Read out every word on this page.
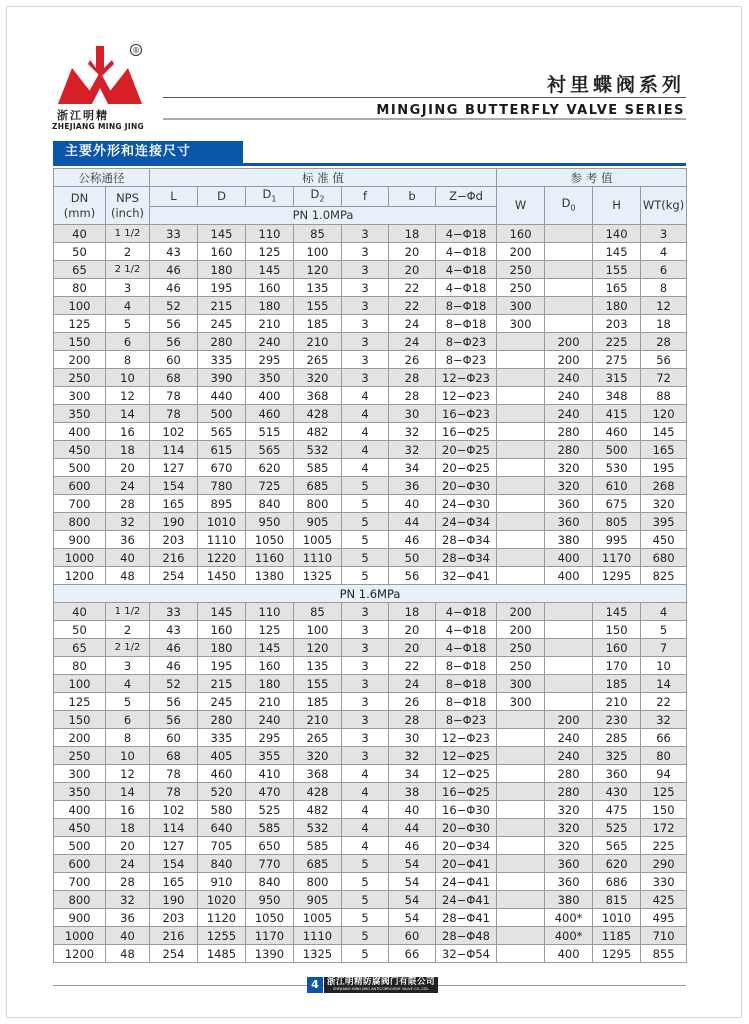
®
浙江明精
ZHEJIANG MING JING
衬里蝶阀系列
MINGJING BUTTERFLY VALVE SERIES
主要外形和连接尺寸
公称通径		标 准 值							参 考 值			
DN
(mm)	NPS
(inch)	L	D	$D_1$	$D_2$	f	b	Z−Φd	W	$D_0$	H	WT(kg)
		PN 1.0MPa										
40	1 1/2	33	145	110	85	3	18	4−Φ18	160		140	3
50	2	43	160	125	100	3	20	4−Φ18	200		145	4
65	2 1/2	46	180	145	120	3	20	4−Φ18	250		155	6
80	3	46	195	160	135	3	22	4−Φ18	250		165	8
100	4	52	215	180	155	3	22	8−Φ18	300		180	12
125	5	56	245	210	185	3	24	8−Φ18	300		203	18
150	6	56	280	240	210	3	24	8−Φ23		200	225	28
200	8	60	335	295	265	3	26	8−Φ23		200	275	56
250	10	68	390	350	320	3	28	12−Φ23		240	315	72
300	12	78	440	400	368	4	28	12−Φ23		240	348	88
350	14	78	500	460	428	4	30	16−Φ23		240	415	120
400	16	102	565	515	482	4	32	16−Φ25		280	460	145
450	18	114	615	565	532	4	32	20−Φ25		280	500	165
500	20	127	670	620	585	4	34	20−Φ25		320	530	195
600	24	154	780	725	685	5	36	20−Φ30		320	610	268
700	28	165	895	840	800	5	40	24−Φ30		360	675	320
800	32	190	1010	950	905	5	44	24−Φ34		360	805	395
900	36	203	1110	1050	1005	5	46	28−Φ34		380	995	450
1000	40	216	1220	1160	1110	5	50	28−Φ34		400	1170	680
1200	48	254	1450	1380	1325	5	56	32−Φ41		400	1295	825
PN 1.6MPa												
40	1 1/2	33	145	110	85	3	18	4−Φ18	200		145	4
50	2	43	160	125	100	3	20	4−Φ18	200		150	5
65	2 1/2	46	180	145	120	3	20	4−Φ18	250		160	7
80	3	46	195	160	135	3	22	8−Φ18	250		170	10
100	4	52	215	180	155	3	24	8−Φ18	300		185	14
125	5	56	245	210	185	3	26	8−Φ18	300		210	22
150	6	56	280	240	210	3	28	8−Φ23		200	230	32
200	8	60	335	295	265	3	30	12−Φ23		240	285	66
250	10	68	405	355	320	3	32	12−Φ25		240	325	80
300	12	78	460	410	368	4	34	12−Φ25		280	360	94
350	14	78	520	470	428	4	38	16−Φ25		280	430	125
400	16	102	580	525	482	4	40	16−Φ30		320	475	150
450	18	114	640	585	532	4	44	20−Φ30		320	525	172
500	20	127	705	650	585	4	46	20−Φ34		320	565	225
600	24	154	840	770	685	5	54	20−Φ41		360	620	290
700	28	165	910	840	800	5	54	24−Φ41		360	686	330
800	32	190	1020	950	905	5	54	24−Φ41		380	815	425
900	36	203	1120	1050	1005	5	54	28−Φ41		400*	1010	495
1000	40	216	1255	1170	1110	5	60	28−Φ48		400*	1185	710
1200	48	254	1485	1390	1325	5	66	32−Φ54		400	1295	855
4 浙江明精防腐阀门有限公司
ZHEJIANG MING JING ANTICORROSIVE VALVE CO.,LTD.
